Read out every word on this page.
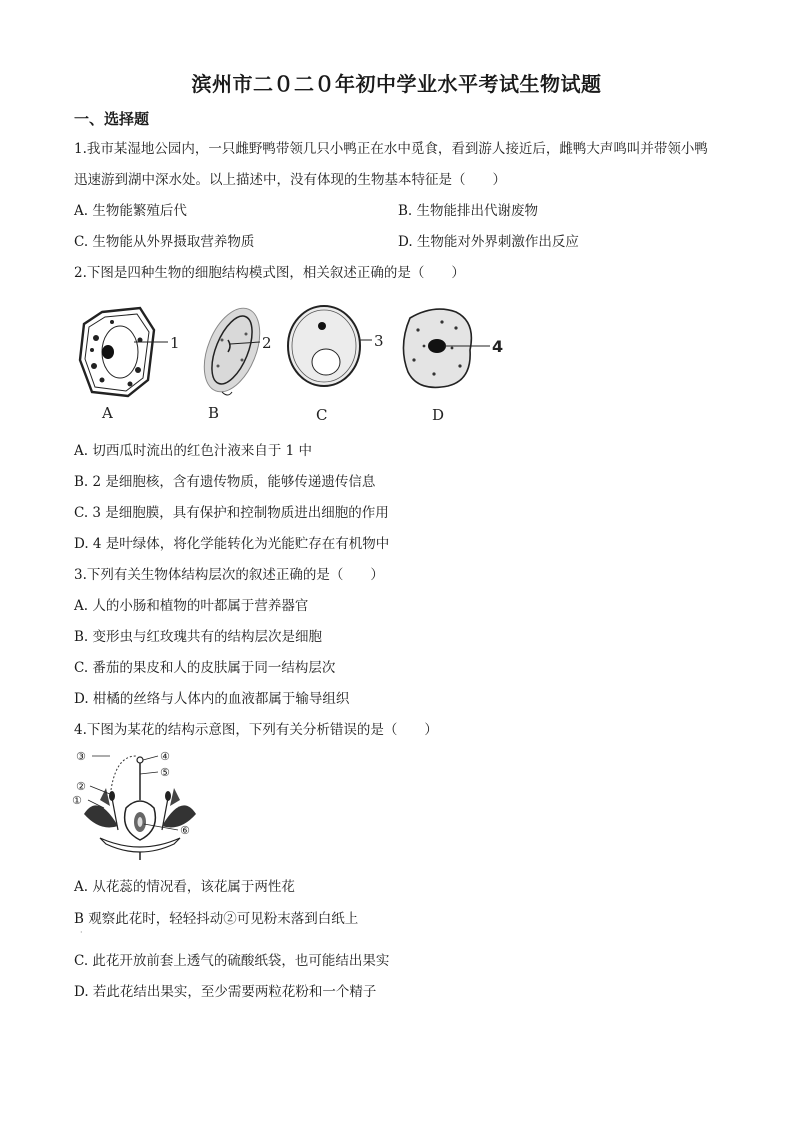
滨州市二０二０年初中学业水平考试生物试题
一、选择题
1.我市某湿地公园内，一只雌野鸭带领几只小鸭正在水中觅食，看到游人接近后，雌鸭大声鸣叫并带领小鸭
迅速游到湖中深水处。以上描述中，没有体现的生物基本特征是（　　）
A. 生物能繁殖后代	B. 生物能排出代谢废物
C. 生物能从外界摄取营养物质	D. 生物能对外界刺激作出反应
2.下图是四种生物的细胞结构模式图，相关叙述正确的是（　　）
1
A
2
B
3
C
4
D
A. 切西瓜时流出的红色汁液来自于 1 中
B. 2 是细胞核，含有遗传物质，能够传递遗传信息
C. 3 是细胞膜，具有保护和控制物质进出细胞的作用
D. 4 是叶绿体，将化学能转化为光能贮存在有机物中
3.下列有关生物体结构层次的叙述正确的是（　　）
A. 人的小肠和植物的叶都属于营养器官
B. 变形虫与红玫瑰共有的结构层次是细胞
C. 番茄的果皮和人的皮肤属于同一结构层次
D. 柑橘的丝络与人体内的血液都属于输导组织
4.下图为某花的结构示意图，下列有关分析错误的是（　　）
③	④
⑤
②
①
⑥
A. 从花蕊的情况看，该花属于两性花
B 观察此花时，轻轻抖动②可见粉末落到白纸上
·
C. 此花开放前套上透气的硫酸纸袋，也可能结出果实
D. 若此花结出果实，至少需要两粒花粉和一个精子
